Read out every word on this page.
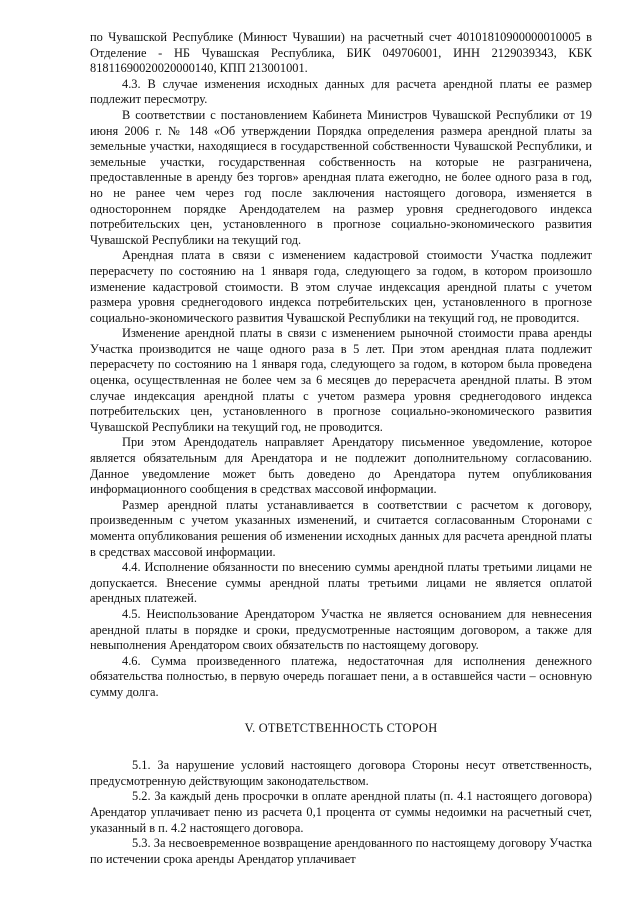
по Чувашской Республике (Минюст Чувашии) на расчетный счет 40101810900000010005 в Отделение - НБ Чувашская Республика, БИК 049706001, ИНН 2129039343, КБК 81811690020020000140, КПП 213001001.

4.3. В случае изменения исходных данных для расчета арендной платы ее размер подлежит пересмотру.

В соответствии с постановлением Кабинета Министров Чувашской Республики от 19 июня 2006 г. № 148 «Об утверждении Порядка определения размера арендной платы за земельные участки, находящиеся в государственной собственности Чувашской Республики, и земельные участки, государственная собственность на которые не разграничена, предоставленные в аренду без торгов» арендная плата ежегодно, не более одного раза в год, но не ранее чем через год после заключения настоящего договора, изменяется в одностороннем порядке Арендодателем на размер уровня среднегодового индекса потребительских цен, установленного в прогнозе социально-экономического развития Чувашской Республики на текущий год.

Арендная плата в связи с изменением кадастровой стоимости Участка подлежит перерасчету по состоянию на 1 января года, следующего за годом, в котором произошло изменение кадастровой стоимости. В этом случае индексация арендной платы с учетом размера уровня среднегодового индекса потребительских цен, установленного в прогнозе социально-экономического развития Чувашской Республики на текущий год, не проводится.

Изменение арендной платы в связи с изменением рыночной стоимости права аренды Участка производится не чаще одного раза в 5 лет. При этом арендная плата подлежит перерасчету по состоянию на 1 января года, следующего за годом, в котором была проведена оценка, осуществленная не более чем за 6 месяцев до перерасчета арендной платы. В этом случае индексация арендной платы с учетом размера уровня среднегодового индекса потребительских цен, установленного в прогнозе социально-экономического развития Чувашской Республики на текущий год, не проводится.

При этом Арендодатель направляет Арендатору письменное уведомление, которое является обязательным для Арендатора и не подлежит дополнительному согласованию. Данное уведомление может быть доведено до Арендатора путем опубликования информационного сообщения в средствах массовой информации.

Размер арендной платы устанавливается в соответствии с расчетом к договору, произведенным с учетом указанных изменений, и считается согласованным Сторонами с момента опубликования решения об изменении исходных данных для расчета арендной платы в средствах массовой информации.

4.4. Исполнение обязанности по внесению суммы арендной платы третьими лицами не допускается. Внесение суммы арендной платы третьими лицами не является оплатой арендных платежей.

4.5. Неиспользование Арендатором Участка не является основанием для невнесения арендной платы в порядке и сроки, предусмотренные настоящим договором, а также для невыполнения Арендатором своих обязательств по настоящему договору.

4.6. Сумма произведенного платежа, недостаточная для исполнения денежного обязательства полностью, в первую очередь погашает пени, а в оставшейся части – основную сумму долга.

V. ОТВЕТСТВЕННОСТЬ СТОРОН

5.1. За нарушение условий настоящего договора Стороны несут ответственность, предусмотренную действующим законодательством.

5.2. За каждый день просрочки в оплате арендной платы (п. 4.1 настоящего договора) Арендатор уплачивает пеню из расчета 0,1 процента от суммы недоимки на расчетный счет, указанный в п. 4.2 настоящего договора.

5.3. За несвоевременное возвращение арендованного по настоящему договору Участка по истечении срока аренды Арендатор уплачивает
